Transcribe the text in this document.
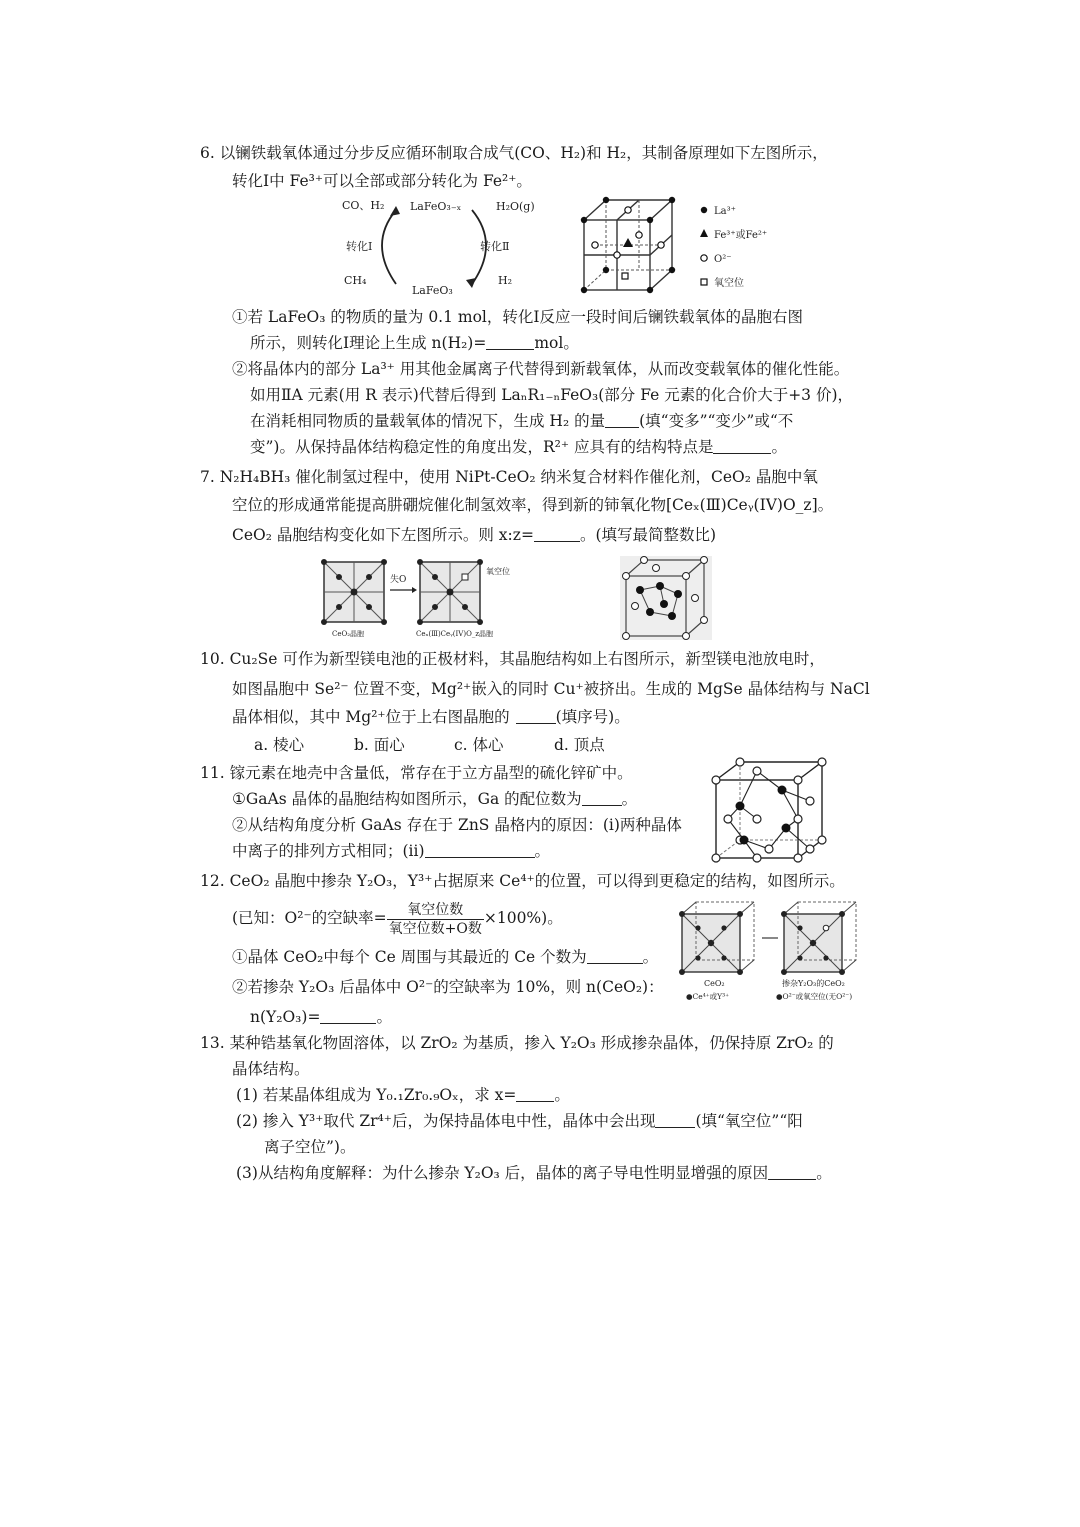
6. 以镧铁载氧体通过分步反应循环制取合成气(CO、H₂)和 H₂，其制备原理如下左图所示，
转化Ⅰ中 Fe³⁺可以全部或部分转化为 Fe²⁺。
CO、H₂ LaFeO₃₋ₓ	H₂O(g)
转化Ⅰ	转化Ⅱ
CH₄	H₂
LaFeO₃
La³⁺
Fe³⁺或Fe²⁺
O²⁻
氧空位
①若 LaFeO₃ 的物质的量为 0.1 mol，转化Ⅰ反应一段时间后镧铁载氧体的晶胞右图
所示，则转化Ⅰ理论上生成 n(H₂)=	mol。
②将晶体内的部分 La³⁺ 用其他金属离子代替得到新载氧体，从而改变载氧体的催化性能。
如用ⅡA 元素(用 R 表示)代替后得到 LaₙR₁₋ₙFeO₃(部分 Fe 元素的化合价大于+3 价)，
在消耗相同物质的量载氧体的情况下，生成 H₂ 的量 (填“变多”“变少”或“不
变”)。从保持晶体结构稳定性的角度出发，R²⁺ 应具有的结构特点是	。
7. N₂H₄BH₃ 催化制氢过程中，使用 NiPt-CeO₂ 纳米复合材料作催化剂，CeO₂ 晶胞中氧
空位的形成通常能提高肼硼烷催化制氢效率，得到新的铈氧化物[Ceₓ(Ⅲ)Ceᵧ(IV)O_z]。
CeO₂ 晶胞结构变化如下左图所示。则 x:z=	。(填写最简整数比)
失O
氧空位
CeO₂晶胞	Ceₓ(Ⅲ)Ceᵧ(IV)O_z晶胞
10. Cu₂Se 可作为新型镁电池的正极材料，其晶胞结构如上右图所示，新型镁电池放电时，
如图晶胞中 Se²⁻ 位置不变，Mg²⁺嵌入的同时 Cu⁺被挤出。生成的 MgSe 晶体结构与 NaCl
晶体相似，其中 Mg²⁺位于上右图晶胞的	(填序号)。
a. 棱心	b. 面心	c. 体心	d. 顶点
11. 镓元素在地壳中含量低，常存在于立方晶型的硫化锌矿中。
①GaAs 晶体的晶胞结构如图所示，Ga 的配位数为	。
②从结构角度分析 GaAs 存在于 ZnS 晶格内的原因：(i)两种晶体
中离子的排列方式相同；(ii)	。
12. CeO₂ 晶胞中掺杂 Y₂O₃，Y³⁺占据原来 Ce⁴⁺的位置，可以得到更稳定的结构，如图所示。
(已知：O²⁻的空缺率= $\frac{\text{氧空位数}}{\text{氧空位数+O数}} \times 100\%$)。
①晶体 CeO₂中每个 Ce 周围与其最近的 Ce 个数为	。
②若掺杂 Y₂O₃ 后晶体中 O²⁻的空缺率为 10%，则 n(CeO₂)：
n(Y₂O₃)=	。
CeO₂	掺杂Y₂O₃的CeO₂
●Ce⁴⁺或Y³⁺	●O²⁻或氧空位(无O²⁻)
13. 某种锆基氧化物固溶体，以 ZrO₂ 为基质，掺入 Y₂O₃ 形成掺杂晶体，仍保持原 ZrO₂ 的
晶体结构。
(1) 若某晶体组成为 Y₀.₁Zr₀.₉Oₓ，求 x= 。
(2) 掺入 Y³⁺取代 Zr⁴⁺后，为保持晶体电中性，晶体中会出现	(填“氧空位”“阳
离子空位”)。
(3)从结构角度解释：为什么掺杂 Y₂O₃ 后，晶体的离子导电性明显增强的原因	。
